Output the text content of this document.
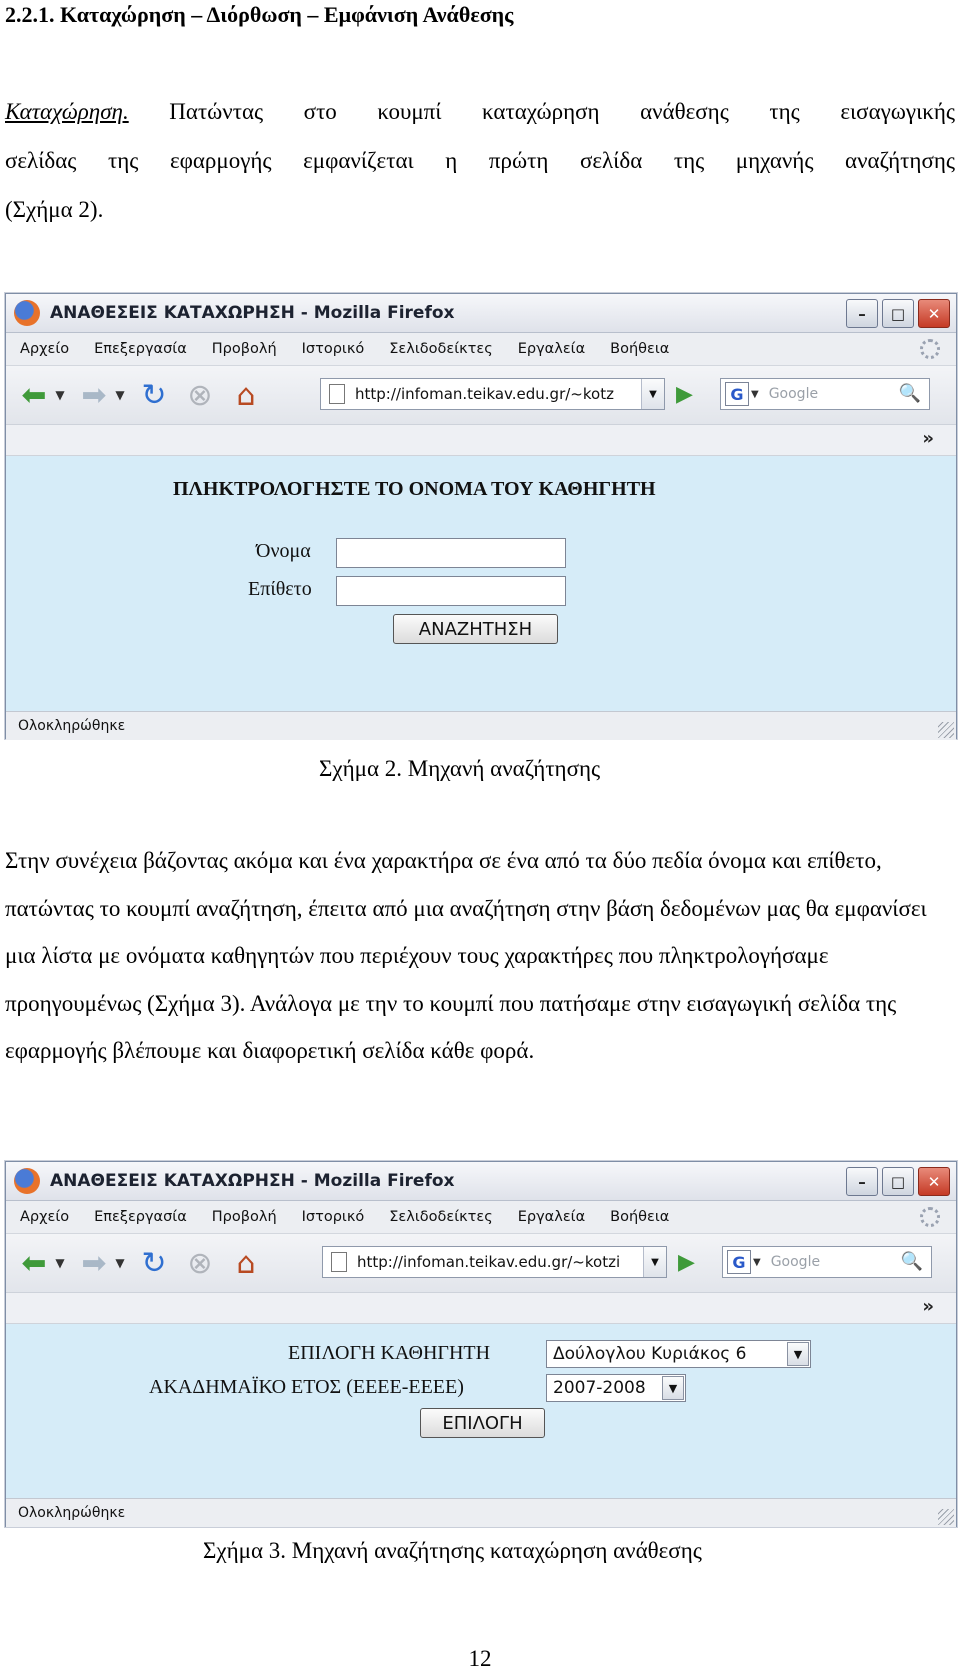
2.2.1. Καταχώρηση – Διόρθωση – Εμφάνιση Ανάθεσης
Καταχώρηση. Πατώντας στο κουμπί καταχώρηση ανάθεσης της εισαγωγικής
σελίδας της εφαρμογής εμφανίζεται η πρώτη σελίδα της μηχανής αναζήτησης
(Σχήμα 2).
ΑΝΑΘΕΣΕΙΣ ΚΑΤΑΧΩΡΗΣΗ - Mozilla Firefox	–	□	✕
Αρχείο Επεξεργασία Προβολή Ιστορικό Σελιδοδείκτες Εργαλεία Βοήθεια
⬅ ▼ ➡ ▼ ↻ ⊗ ⌂	http://infoman.teikav.edu.gr/~kotz	▼ ▶	G ▼ Google	🔍
»
ΠΛΗΚΤΡΟΛΟΓΗΣΤΕ ΤΟ ΟΝΟΜΑ ΤΟΥ ΚΑΘΗΓΗΤΗ
Όνομα
Επίθετο
ΑΝΑΖΗΤΗΣΗ
Ολοκληρώθηκε
Σχήμα 2. Μηχανή αναζήτησης
Στην συνέχεια βάζοντας ακόμα και ένα χαρακτήρα σε ένα από τα δύο πεδία όνομα και επίθετο, πατώντας το κουμπί αναζήτηση, έπειτα από μια αναζήτηση στην βάση δεδομένων μας θα εμφανίσει μια λίστα με ονόματα καθηγητών που περιέχουν τους χαρακτήρες που πληκτρολογήσαμε προηγουμένως (Σχήμα 3). Ανάλογα με την το κουμπί που πατήσαμε στην εισαγωγική σελίδα της εφαρμογής βλέπουμε και διαφορετική σελίδα κάθε φορά.
ΑΝΑΘΕΣΕΙΣ ΚΑΤΑΧΩΡΗΣΗ - Mozilla Firefox	–	□	✕
Αρχείο Επεξεργασία Προβολή Ιστορικό Σελιδοδείκτες Εργαλεία Βοήθεια
⬅ ▼ ➡ ▼ ↻ ⊗ ⌂	http://infoman.teikav.edu.gr/~kotzi	▼ ▶	G ▼ Google	🔍
»
ΕΠΙΛΟΓΗ ΚΑΘΗΓΗΤΗ	Δούλογλου Κυριάκος 6	▼
ΑΚΑΔΗΜΑΪΚΟ ΕΤΟΣ (ΕΕΕΕ-ΕΕΕΕ)	2007-2008	▼
ΕΠΙΛΟΓΗ
Ολοκληρώθηκε
Σχήμα 3. Μηχανή αναζήτησης καταχώρηση ανάθεσης
12
